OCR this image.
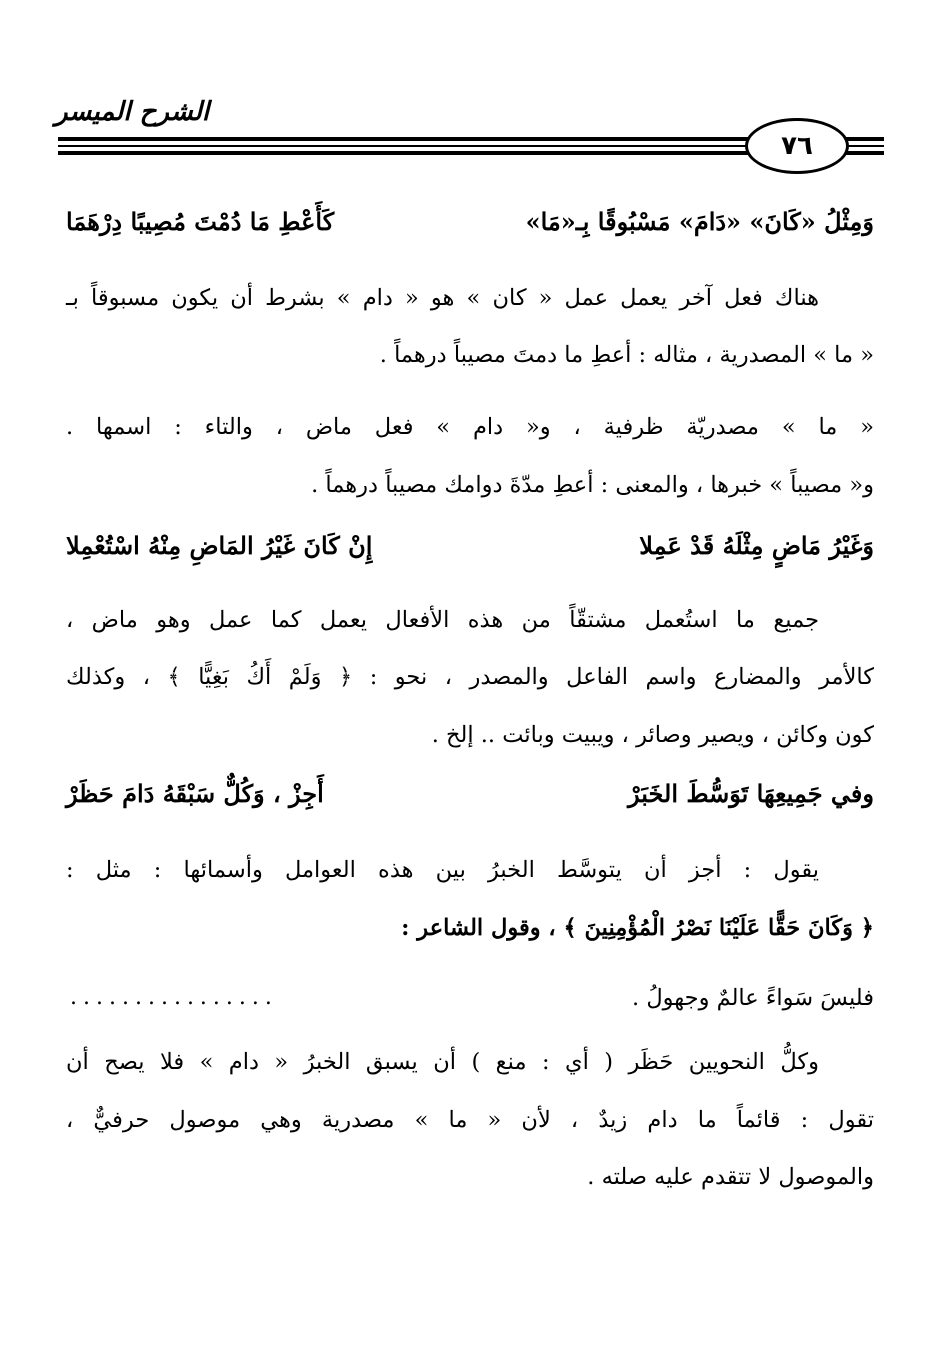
الشرح الميسر
٧٦
وَمِثْلُ «كَانَ» «دَامَ» مَسْبُوقًا بِـ«مَا»
كَأَعْطِ مَا دُمْتَ مُصِيبًا دِرْهَمَا
هناك فعل آخر يعمل عمل « كان » هو « دام » بشرط أن يكون مسبوقاً بـ
« ما » المصدرية ، مثاله : أعطِ ما دمتَ مصيباً درهماً .
« ما » مصدريّة ظرفية ، و« دام » فعل ماض ، والتاء : اسمها .
و« مصيباً » خبرها ، والمعنى : أعطِ مدّةَ دوامك مصيباً درهماً .
وَغَيْرُ مَاضٍ مِثْلَهُ قَدْ عَمِلا
إِنْ كَانَ غَيْرُ المَاضِ مِنْهُ اسْتُعْمِلا
جميع ما استُعمل مشتقّاً من هذه الأفعال يعمل كما عمل وهو ماض ،
كالأمر والمضارع واسم الفاعل والمصدر ، نحو : ﴿ وَلَمْ أَكُ بَغِيًّا ﴾ ، وكذلك
كون وكائن ، ويصير وصائر ، ويبيت وبائت .. إلخ .
وفي جَمِيعِهَا تَوَسُّطَ الخَبَرْ
أَجِزْ ، وَكُلٌّ سَبْقَهُ دَامَ حَظَرْ
يقول : أجز أن يتوسَّط الخبرُ بين هذه العوامل وأسمائها : مثل :
﴿ وَكَانَ حَقًّا عَلَيْنَا نَصْرُ الْمُؤْمِنِينَ ﴾ ، وقول الشاعر :
فليسَ سَواءً عالمٌ وجهولُ .
................
وكلُّ النحويين حَظَر ( أي : منع ) أن يسبق الخبرُ « دام » فلا يصح أن
تقول : قائماً ما دام زيدٌ ، لأن « ما » مصدرية وهي موصول حرفيٌّ ،
والموصول لا تتقدم عليه صلته .
